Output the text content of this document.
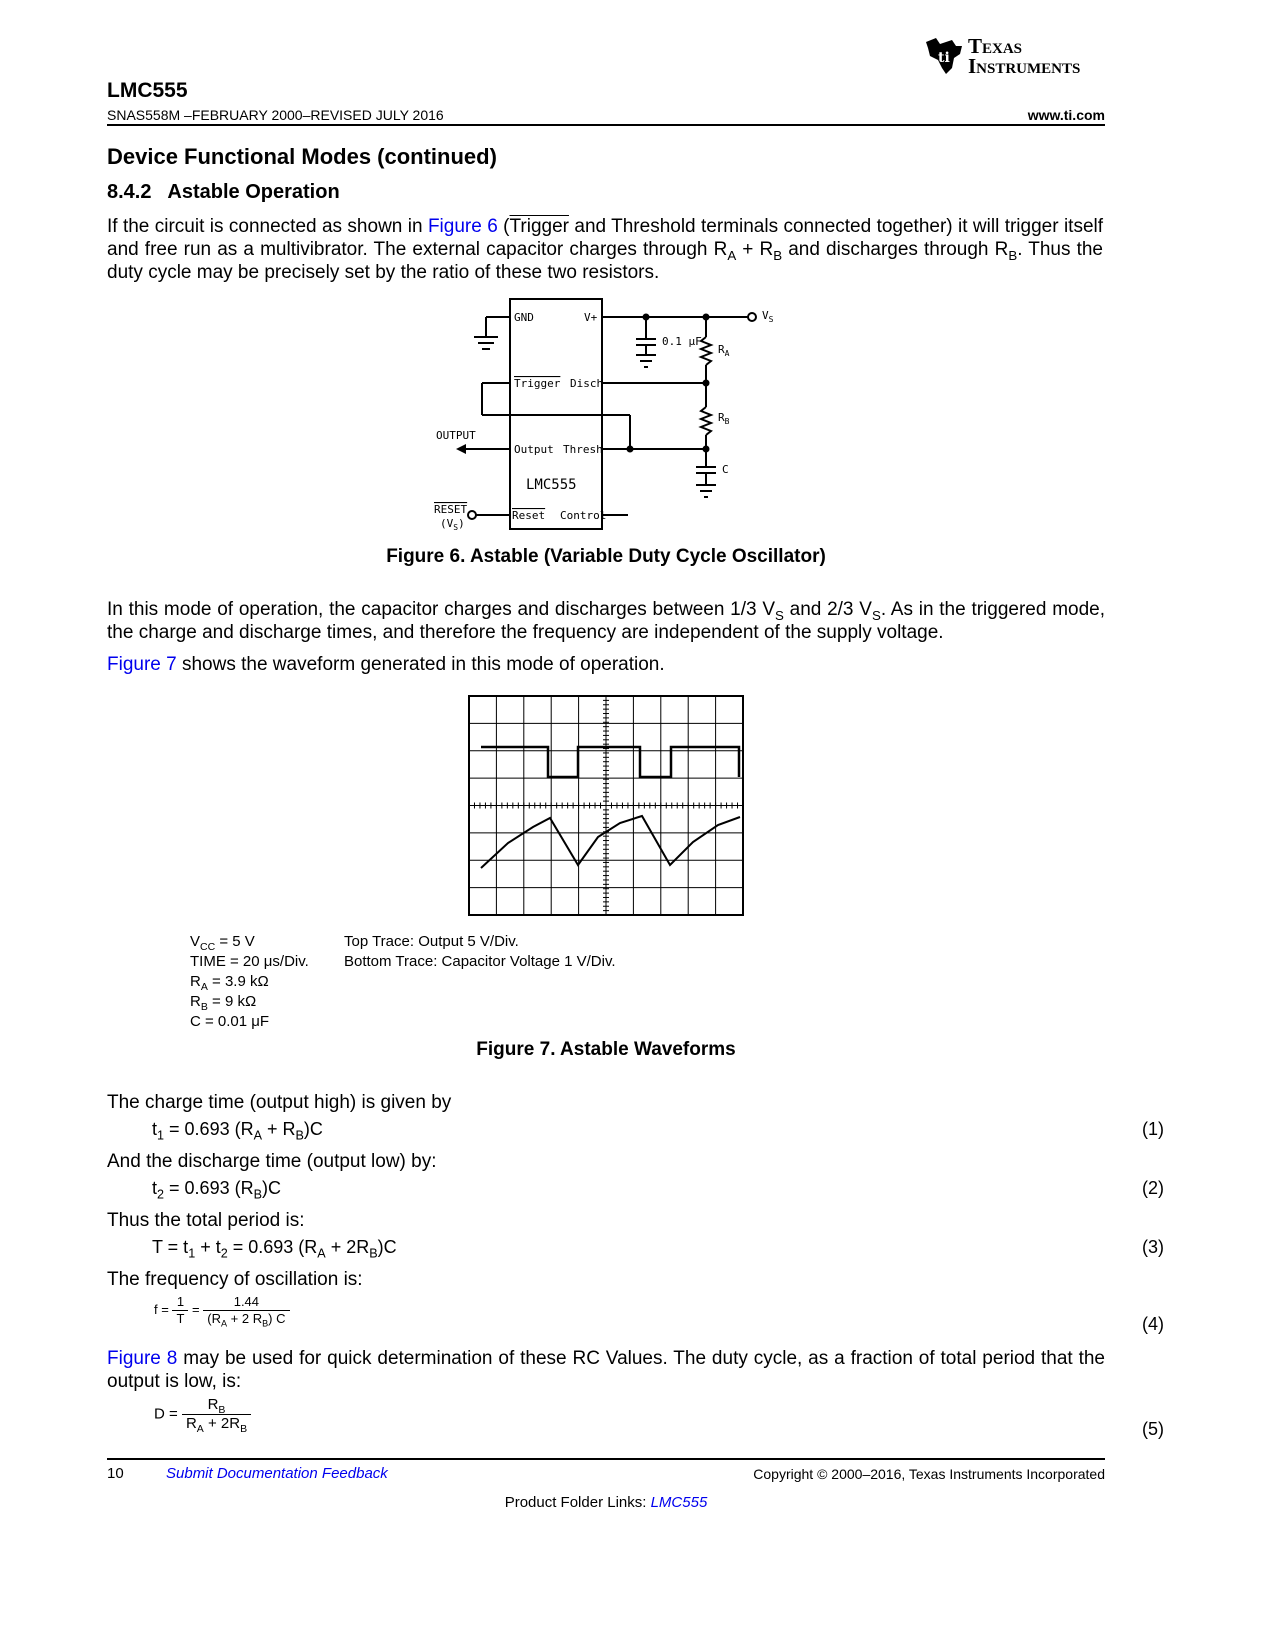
ti Texas
Instruments
LMC555
SNAS558M –FEBRUARY 2000–REVISED JULY 2016	www.ti.com
Device Functional Modes (continued)
8.4.2   Astable Operation
If the circuit is connected as shown in Figure 6 (Trigger and Threshold terminals connected together) it will trigger itself and free run as a multivibrator. The external capacitor charges through $R_A + R_B$ and discharges through $R_B$. Thus the duty cycle may be precisely set by the ratio of these two resistors.
GND	V+
Trigger Disch
Output Thresh
LMC555
Reset Control
OUTPUT
RESET
$(V_S)$
$V_S$
0.1 μF
$R_A$
$R_B$
C
Figure 6. Astable (Variable Duty Cycle Oscillator)
In this mode of operation, the capacitor charges and discharges between 1/3 $V_S$ and 2/3 $V_S$. As in the triggered mode, the charge and discharge times, and therefore the frequency are independent of the supply voltage.
Figure 7 shows the waveform generated in this mode of operation.
$V_{CC} = 5$ V
TIME = 20 μs/Div.
$R_A = 3.9$ kΩ
$R_B = 9$ kΩ
C = 0.01 μF
Top Trace: Output 5 V/Div.
Bottom Trace: Capacitor Voltage 1 V/Div.
Figure 7. Astable Waveforms
The charge time (output high) is given by
$t_1 = 0.693$ $(R_A + R_B)C$	(1)
And the discharge time (output low) by:
$t_2 = 0.693$ $(R_B)C$	(2)
Thus the total period is:
$T = t_1 + t_2 = 0.693$ $(R_A + 2R_B)C$	(3)
The frequency of oscillation is:
$f = \frac{1}{T} = \frac{1.44}{(R_A + 2 R_B) C}$	(4)
Figure 8 may be used for quick determination of these RC Values. The duty cycle, as a fraction of total period that the output is low, is:
$D = \frac{R_B}{R_A + 2R_B}$	(5)
10	Submit Documentation Feedback	Copyright © 2000–2016, Texas Instruments Incorporated
Product Folder Links: LMC555
